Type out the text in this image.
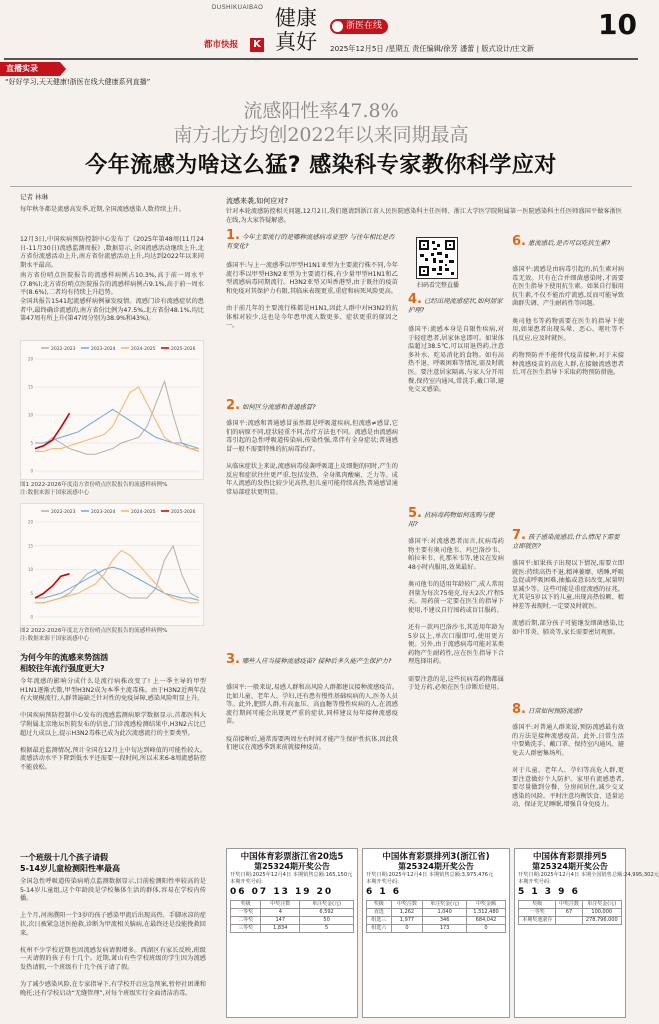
DUSHIKUAIBAO
都市快报	K
健康真好
浙医在线
2025年12月5日 /星期五 责任编辑/徐芳 潘蕾 | 版式设计/庄文新
10
直播实录
“好好学习,天天健康!浙医在线大健康系列直播”
流感阳性率47.8%
南方北方均创2022年以来同期最高
今年流感为啥这么猛? 感染科专家教你科学应对
记者 林琳
每年秋冬都是流感高发季,近期,全国流感感染人数持续上升。
12月3日,中国疾病预防控制中心发布了《2025年第48周(11月24日-11月30日)流感监测周报》,数据显示,全国流感活动继续上升,北方省份流感活动上升,南方省份流感活动上升,均达到2022年以来同期水平最高。
南方省份哨点医院报告的流感样病例占10.3%,高于前一周水平(7.8%);北方省份哨点医院报告的流感样病例占9.1%,高于前一周水平(8.6%),二者均有持续上升趋势。
全国共报告1541起流感样病例暴发疫情。流感门诊有流感症状的患者中,最终确诊流感的,南方省份比例为47.5%,北方省份48.1%,均比第47周有所上升(第47周分别为38.9%和43%)。
2022-2023	2023-2024	2024-2025	2025-2026
0
5
10
15
20
图1 2022-2026年度南方省份哨点医院报告的流感样病例%
注:数据来源于国家流感中心
2022-2023	2023-2024	2024-2025	2025-2026
0
5
10
15
20
图2 2022-2026年度北方省份哨点医院报告的流感样病例%
注:数据来源于国家流感中心
为何今年的流感来势汹汹
相较往年流行强度更大?
今年流感的影响分成什么是流行病株改变了! 上一季主导的甲型H1N1逐渐式微,甲型H3N2成为本季主流毒株。由于H3N2近两年没有大规模流行,人群普遍缺乏针对性的免疫屏障,感染风险明显上升。

中国疾病预防控制中心发布的流感监测病原学数据显示,首都医科大学附属北京地坛医院发布的信息,门诊流感检测结果中,H3N2占比已超过九成以上,提示H3N2毒株已成为此次流感流行的主要类型。

根据最近监测情况,预计全国在12月上中旬达到峰值的可能性较大。流感活动水平下降到低水平还需要一段时间,所以未来6-8周流感防控不能放松。
一个班级十几个孩子请假
5-14岁儿童检测阳性率最高
全国急性呼吸道传染病哨点监测数据显示,目前检测阳性率较高的是5-14岁儿童组,这个年龄段是学校集体生活的群体,容易在学校内传播。

上个月,河南濮阳一个3岁的孩子感染甲流后出现高热、手脚冰凉的症状,次日被紧急送医抢救,诊断为甲流相关脑病,在最终还是没能挽救回来。

杭州不少学校近期也因流感发病请假增多。西湖区有家长反映,班级一天请假的孩子有十几个。近期,萧山有些学校班级的学生因为流感发热请假,一个班级有十几个孩子请了假。

为了减少感染风险,在专家指导下,有学校开启应急预案,暂停社团课和晚托;还有学校启动“无缝管理”,对每个班级实行全面清洁消毒。
流感来袭,如何应对?
针对本轮流感防控相关问题,12月2日,我们邀请到浙江省人民医院感染科主任医师、浙江大学医学院附属第一医院感染科主任医师盛国平做客浙医在线,为大家答疑解惑。
1. 今年主要流行的是哪种流感病毒亚型? 与往年相比是否有变化?
盛国平:与上一流感季以甲型H1N1亚型为主要流行株不同,今年流行季以甲型H3N2亚型为主要流行株,有少量甲型H1N1和乙型流感病毒同期流行。H3N2亚型又叫香港型,由于既往的疫苗和免疫对其保护力有限,其临床表现更重,重症和病死风险更高。

由于前几年的主要流行株都是H1N1,因此人群中对H3N2的抗体相对较少,这也是今年患甲流人数更多、症状更重的原因之一。
2. 如何区分流感和普通感冒?
盛国平:流感和普通感冒虽然都是呼吸道疾病,但流感≠感冒,它们的病原不同,症状轻重不同,治疗方法也不同。流感是由流感病毒引起的急性呼吸道传染病,传染性强,常伴有全身症状;普通感冒一般不需要特殊的抗病毒治疗。

从临床症状上来说,流感病毒侵袭呼吸道上皮细胞的同时,产生的反应和症状往往更严重,包括发热、全身肌肉酸痛、乏力等。成年人流感的发热比较少见高热,但儿童可能持续高热;普通感冒通常局部症状更明显。
3. 哪些人应当接种流感疫苗? 接种后多久能产生保护力?
盛国平:一般来说,易感人群和高风险人群都建议接种流感疫苗。比如儿童、老年人、孕妇,还有患有慢性基础疾病的人,医务人员等。此外,肥胖人群,有高血压、高血糖等慢性疾病的人,在流感流行期间可能会出现更严重的症状,同样建议每年接种流感疫苗。

疫苗接种后,通常需要两周左右时间才能产生保护性抗体,因此我们建议在流感季到来前就接种疫苗。
扫码看完整直播
4. 已经出现流感症状,如何居家护理?
盛国平:流感本身是自限性疾病,对于轻症患者,居家休息即可。如果体温超过38.5℃,可以用退热药,注意多补水、吃易消化的食物。如有高热不退、呼吸困难等情况,需及时就医。要注意居家隔离,与家人分开用餐,保持室内通风,常洗手,戴口罩,避免交叉感染。
5. 抗病毒药物如何选购与使用?
盛国平:对流感患者而言,抗病毒药物主要有奥司他韦、玛巴洛沙韦、帕拉米韦、扎那米韦等,建议在发病48小时内服用,效果最好。

奥司他韦的适用年龄较广,成人常用剂量为每次75毫克,每天2次,疗程5天。用药前一定要在医生的指导下使用,不建议自行囤药或盲目服药。

还有一款玛巴洛沙韦,其适用年龄为5岁以上,单次口服即可,使用更方便。另外,由于流感病毒可能对某类药物产生耐药性,应在医生指导下合理选择用药。

需要注意的是,这些抗病毒药物都属于处方药,必须在医生诊断后使用。
6. 患流感后,是否可以吃抗生素?
盛国平:流感是由病毒引起的,抗生素对病毒无效。只有在合并细菌感染时,才需要在医生指导下使用抗生素。如果自行服用抗生素,不仅不能治疗流感,反而可能导致菌群失调、产生耐药性等问题。

奥司他韦等药物需要在医生的指导下使用,如果患者出现头晕、恶心、呕吐等不良反应,应及时就医。

药物预防并不能替代疫苗接种,对于未接种流感疫苗的高危人群,在接触流感患者后,可在医生指导下采取药物预防措施。
7. 孩子感染流感后,什么情况下需要立即就医?
盛国平:如果孩子出现以下情况,需要立即就医:持续高热不退,精神萎靡、嗜睡,呼吸急促或呼吸困难,抽搐或意识改变,尿量明显减少等。这些可能是重症流感的征兆。尤其是5岁以下的儿童,出现高热惊厥、精神差等表现时,一定要及时就医。

流感后期,部分孩子可能继发细菌感染,比如中耳炎、肺炎等,家长需要密切观察。
8. 日常如何预防流感?
盛国平:对普通人群来说,预防流感最有效的方法是接种流感疫苗。此外,日常生活中要勤洗手、戴口罩、保持室内通风、避免去人群密集场所。

对于儿童、老年人、孕妇等高危人群,更要注意做好个人防护。家里有流感患者,要尽量做到分餐、分房间居住,减少交叉感染的风险。平时注意均衡饮食、适量运动、保证充足睡眠,增强自身免疫力。
中国体育彩票浙江省20选5
第25324期开奖公告
开奖日期:2025年12月4日 本期销售总额:165,150元
本期开奖号码:
06 07 13 19 20
奖级	中奖注数	单注奖金(元)
一等奖	4	6,592
二等奖	147	50
三等奖	1,834	5
中国体育彩票排列3(浙江省)
第25324期开奖公告
开奖日期:2025年12月4日 本期销售总额:3,975,476元
本期开奖号码:
6 1 6
奖级	中奖注数	单注奖金(元)	中奖金额
直选	1,262	1,040	1,312,480
组选三	1,977	346	684,042
组选六	0	173	0
中国体育彩票排列5
第25324期开奖公告
开奖日期:2025年12月4日 本期全国销售总额:24,995,302元
本期开奖号码:
5 1 3 9 6
奖级	中奖注数	单注奖金(元)
一等奖	67	100,000
本期奖池滚存		278,796,000
